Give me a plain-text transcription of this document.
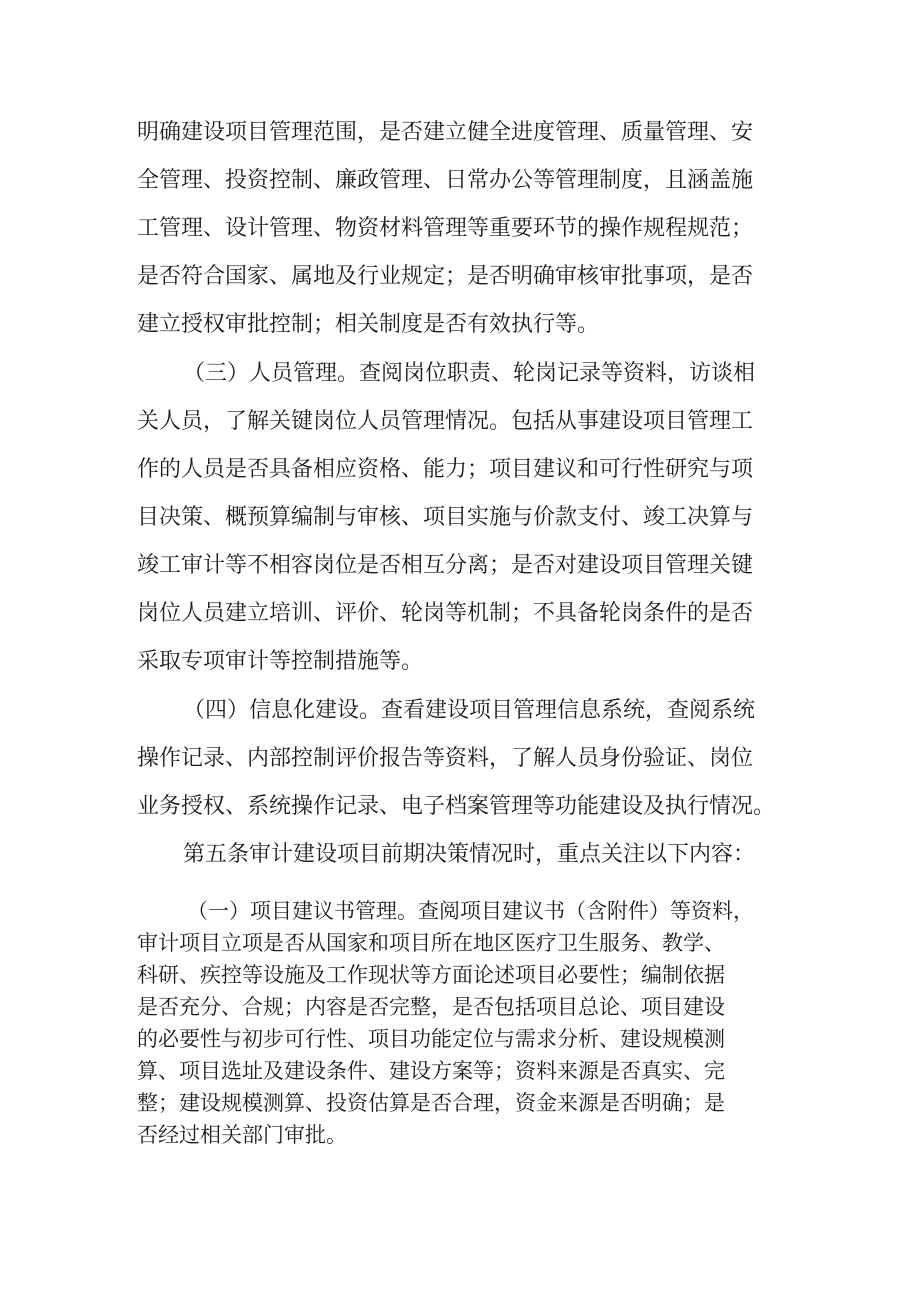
明确建设项目管理范围，是否建立健全进度管理、质量管理、安

全管理、投资控制、廉政管理、日常办公等管理制度，且涵盖施

工管理、设计管理、物资材料管理等重要环节的操作规程规范；

是否符合国家、属地及行业规定；是否明确审核审批事项，是否

建立授权审批控制；相关制度是否有效执行等。

（三）人员管理。查阅岗位职责、轮岗记录等资料，访谈相

关人员，了解关键岗位人员管理情况。包括从事建设项目管理工

作的人员是否具备相应资格、能力；项目建议和可行性研究与项

目决策、概预算编制与审核、项目实施与价款支付、竣工决算与

竣工审计等不相容岗位是否相互分离；是否对建设项目管理关键

岗位人员建立培训、评价、轮岗等机制；不具备轮岗条件的是否

采取专项审计等控制措施等。

（四）信息化建设。查看建设项目管理信息系统，查阅系统

操作记录、内部控制评价报告等资料，了解人员身份验证、岗位

业务授权、系统操作记录、电子档案管理等功能建设及执行情况。

第五条审计建设项目前期决策情况时，重点关注以下内容：

（一）项目建议书管理。查阅项目建议书（含附件）等资料，

审计项目立项是否从国家和项目所在地区医疗卫生服务、教学、

科研、疾控等设施及工作现状等方面论述项目必要性；编制依据

是否充分、合规；内容是否完整，是否包括项目总论、项目建设

的必要性与初步可行性、项目功能定位与需求分析、建设规模测

算、项目选址及建设条件、建设方案等；资料来源是否真实、完

整；建设规模测算、投资估算是否合理，资金来源是否明确；是

否经过相关部门审批。
